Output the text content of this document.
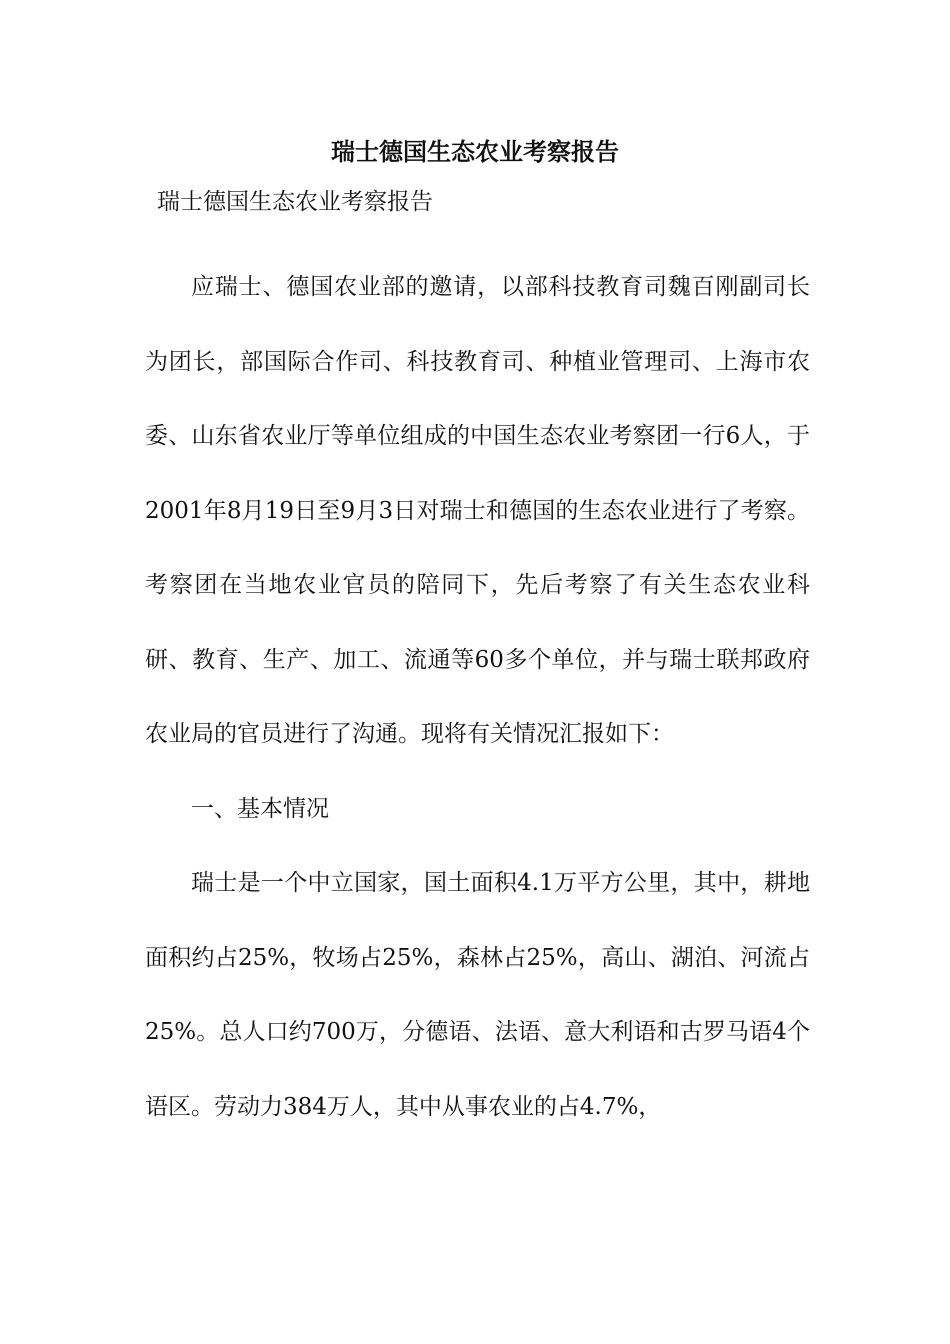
瑞士德国生态农业考察报告

瑞士德国生态农业考察报告

应瑞士、德国农业部的邀请，以部科技教育司魏百刚副司长为团长，部国际合作司、科技教育司、种植业管理司、上海市农委、山东省农业厅等单位组成的中国生态农业考察团一行6人，于2001年8月19日至9月3日对瑞士和德国的生态农业进行了考察。考察团在当地农业官员的陪同下，先后考察了有关生态农业科研、教育、生产、加工、流通等60多个单位，并与瑞士联邦政府农业局的官员进行了沟通。现将有关情况汇报如下：

一、基本情况

瑞士是一个中立国家，国土面积4.1万平方公里，其中，耕地面积约占25%，牧场占25%，森林占25%，高山、湖泊、河流占25%。总人口约700万，分德语、法语、意大利语和古罗马语4个语区。劳动力384万人，其中从事农业的占4.7%，
